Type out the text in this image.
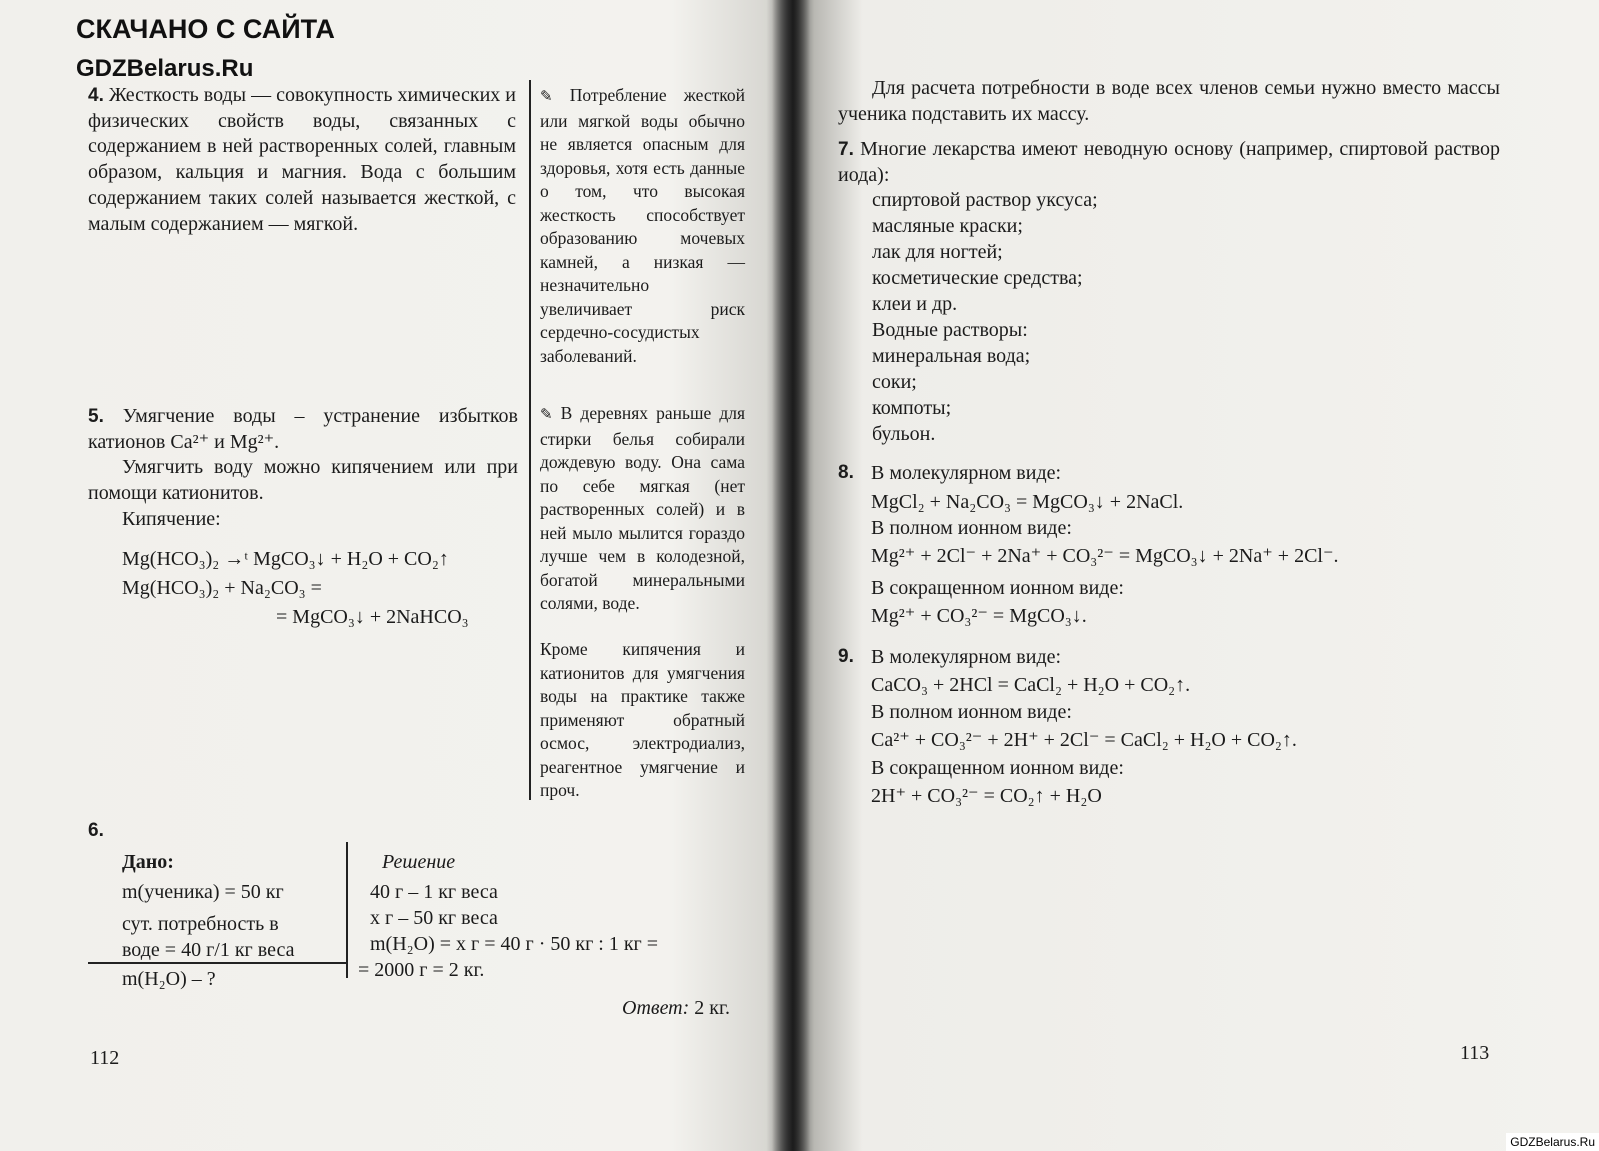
СКАЧАНО С САЙТА
GDZBelarus.Ru

4. Жесткость воды — совокупность химических и физических свойств воды, связанных с содержанием в ней растворенных солей, главным образом, кальция и магния. Вода с большим содержанием таких солей называется жесткой, с малым содержанием — мягкой.

✎ Потребление жесткой или мягкой воды обычно не является опасным для здоровья, хотя есть данные о том, что высокая жесткость способствует образованию мочевых камней, а низкая — незначительно увеличивает риск сердечно-сосудистых заболеваний.

✎ В деревнях раньше для стирки белья собирали дождевую воду. Она сама по себе мягкая (нет растворенных солей) и в ней мыло мылится гораздо лучше чем в колодезной, богатой минеральными солями, воде.

Кроме кипячения и катионитов для умягчения воды на практике также применяют обратный осмос, электродиализ, реагентное умягчение и проч.

5. Умягчение воды – устранение избытков катионов Ca²⁺ и Mg²⁺.

Умягчить воду можно кипячением или при помощи катионитов.

Кипячение:

Mg(HCO₃)₂ →ᵗ MgCO₃↓ + H₂O + CO₂↑
Mg(HCO₃)₂ + Na₂CO₃ =
= MgCO₃↓ + 2NaHCO₃
6.
Дано:
m(ученика) = 50 кг
сут. потребность в
воде = 40 г/1 кг веса
m(H₂O) – ?
Решение
40 г – 1 кг веса
x г – 50 кг веса
m(H₂O) = x г = 40 г · 50 кг : 1 кг =
= 2000 г = 2 кг.
Ответ: 2 кг.
112

Для расчета потребности в воде всех членов семьи нужно вместо массы ученика подставить их массу.

7. Многие лекарства имеют неводную основу (например, спиртовой раствор иода):

спиртовой раствор уксуса;

масляные краски;

лак для ногтей;

косметические средства;

клеи и др.

Водные растворы:

минеральная вода;

соки;

компоты;

бульон.

8. В молекулярном виде:
MgCl₂ + Na₂CO₃ = MgCO₃↓ + 2NaCl.
В полном ионном виде:
Mg²⁺ + 2Cl⁻ + 2Na⁺ + CO₃²⁻ = MgCO₃↓ + 2Na⁺ + 2Cl⁻.
В сокращенном ионном виде:
Mg²⁺ + CO₃²⁻ = MgCO₃↓.
9. В молекулярном виде:
CaCO₃ + 2HCl = CaCl₂ + H₂O + CO₂↑.
В полном ионном виде:
Ca²⁺ + CO₃²⁻ + 2H⁺ + 2Cl⁻ = CaCl₂ + H₂O + CO₂↑.
В сокращенном ионном виде:
2H⁺ + CO₃²⁻ = CO₂↑ + H₂O
113
GDZBelarus.Ru
